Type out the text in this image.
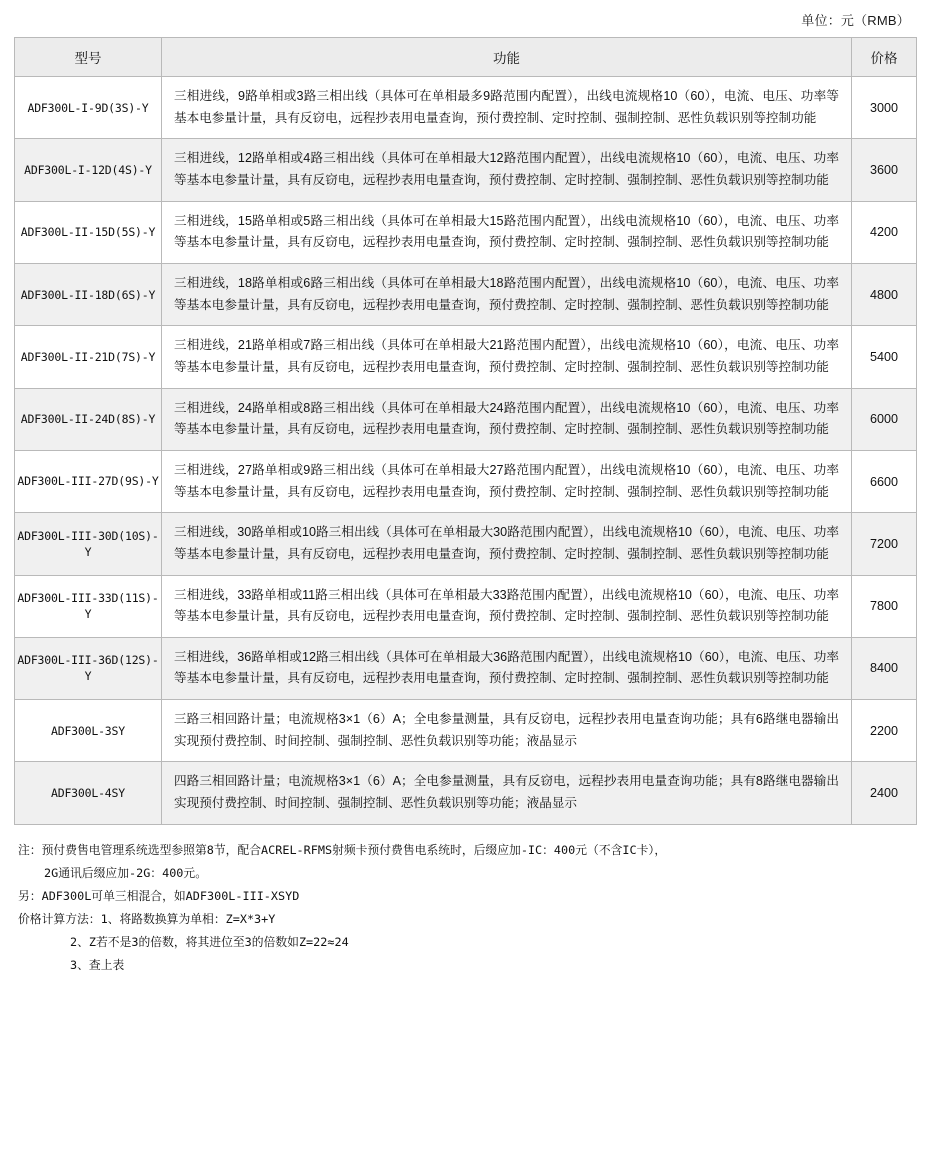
单位：元（RMB）
型号	功能	价格
ADF300L-I-9D(3S)-Y	三相进线，9路单相或3路三相出线（具体可在单相最多9路范围内配置），出线电流规格10（60），电流、电压、功率等基本电参量计量，具有反窃电，远程抄表用电量查询，预付费控制、定时控制、强制控制、恶性负载识别等控制功能	3000
ADF300L-I-12D(4S)-Y	三相进线，12路单相或4路三相出线（具体可在单相最大12路范围内配置），出线电流规格10（60），电流、电压、功率等基本电参量计量，具有反窃电，远程抄表用电量查询，预付费控制、定时控制、强制控制、恶性负载识别等控制功能	3600
ADF300L-II-15D(5S)-Y	三相进线，15路单相或5路三相出线（具体可在单相最大15路范围内配置），出线电流规格10（60），电流、电压、功率等基本电参量计量，具有反窃电，远程抄表用电量查询，预付费控制、定时控制、强制控制、恶性负载识别等控制功能	4200
ADF300L-II-18D(6S)-Y	三相进线，18路单相或6路三相出线（具体可在单相最大18路范围内配置），出线电流规格10（60），电流、电压、功率等基本电参量计量，具有反窃电，远程抄表用电量查询，预付费控制、定时控制、强制控制、恶性负载识别等控制功能	4800
ADF300L-II-21D(7S)-Y	三相进线，21路单相或7路三相出线（具体可在单相最大21路范围内配置），出线电流规格10（60），电流、电压、功率等基本电参量计量，具有反窃电，远程抄表用电量查询，预付费控制、定时控制、强制控制、恶性负载识别等控制功能	5400
ADF300L-II-24D(8S)-Y	三相进线，24路单相或8路三相出线（具体可在单相最大24路范围内配置），出线电流规格10（60），电流、电压、功率等基本电参量计量，具有反窃电，远程抄表用电量查询，预付费控制、定时控制、强制控制、恶性负载识别等控制功能	6000
ADF300L-III-27D(9S)-Y	三相进线，27路单相或9路三相出线（具体可在单相最大27路范围内配置），出线电流规格10（60），电流、电压、功率等基本电参量计量，具有反窃电，远程抄表用电量查询，预付费控制、定时控制、强制控制、恶性负载识别等控制功能	6600
ADF300L-III-30D(10S)-Y	三相进线，30路单相或10路三相出线（具体可在单相最大30路范围内配置），出线电流规格10（60），电流、电压、功率等基本电参量计量，具有反窃电，远程抄表用电量查询，预付费控制、定时控制、强制控制、恶性负载识别等控制功能	7200
ADF300L-III-33D(11S)-Y	三相进线，33路单相或11路三相出线（具体可在单相最大33路范围内配置），出线电流规格10（60），电流、电压、功率等基本电参量计量，具有反窃电，远程抄表用电量查询，预付费控制、定时控制、强制控制、恶性负载识别等控制功能	7800
ADF300L-III-36D(12S)-Y	三相进线，36路单相或12路三相出线（具体可在单相最大36路范围内配置），出线电流规格10（60），电流、电压、功率等基本电参量计量，具有反窃电，远程抄表用电量查询，预付费控制、定时控制、强制控制、恶性负载识别等控制功能	8400
ADF300L-3SY	三路三相回路计量；电流规格3×1（6）A；全电参量测量，具有反窃电，远程抄表用电量查询功能；具有6路继电器输出实现预付费控制、时间控制、强制控制、恶性负载识别等功能；液晶显示	2200
ADF300L-4SY	四路三相回路计量；电流规格3×1（6）A；全电参量测量，具有反窃电，远程抄表用电量查询功能；具有8路继电器输出实现预付费控制、时间控制、强制控制、恶性负载识别等功能；液晶显示	2400
注：预付费售电管理系统选型参照第8节，配合ACREL-RFMS射频卡预付费售电系统时，后缀应加-IC：400元（不含IC卡），
2G通讯后缀应加-2G：400元。
另：ADF300L可单三相混合，如ADF300L-III-XSYD
价格计算方法：1、将路数换算为单相：Z=X*3+Y
2、Z若不是3的倍数，将其进位至3的倍数如Z=22≈24
3、查上表
